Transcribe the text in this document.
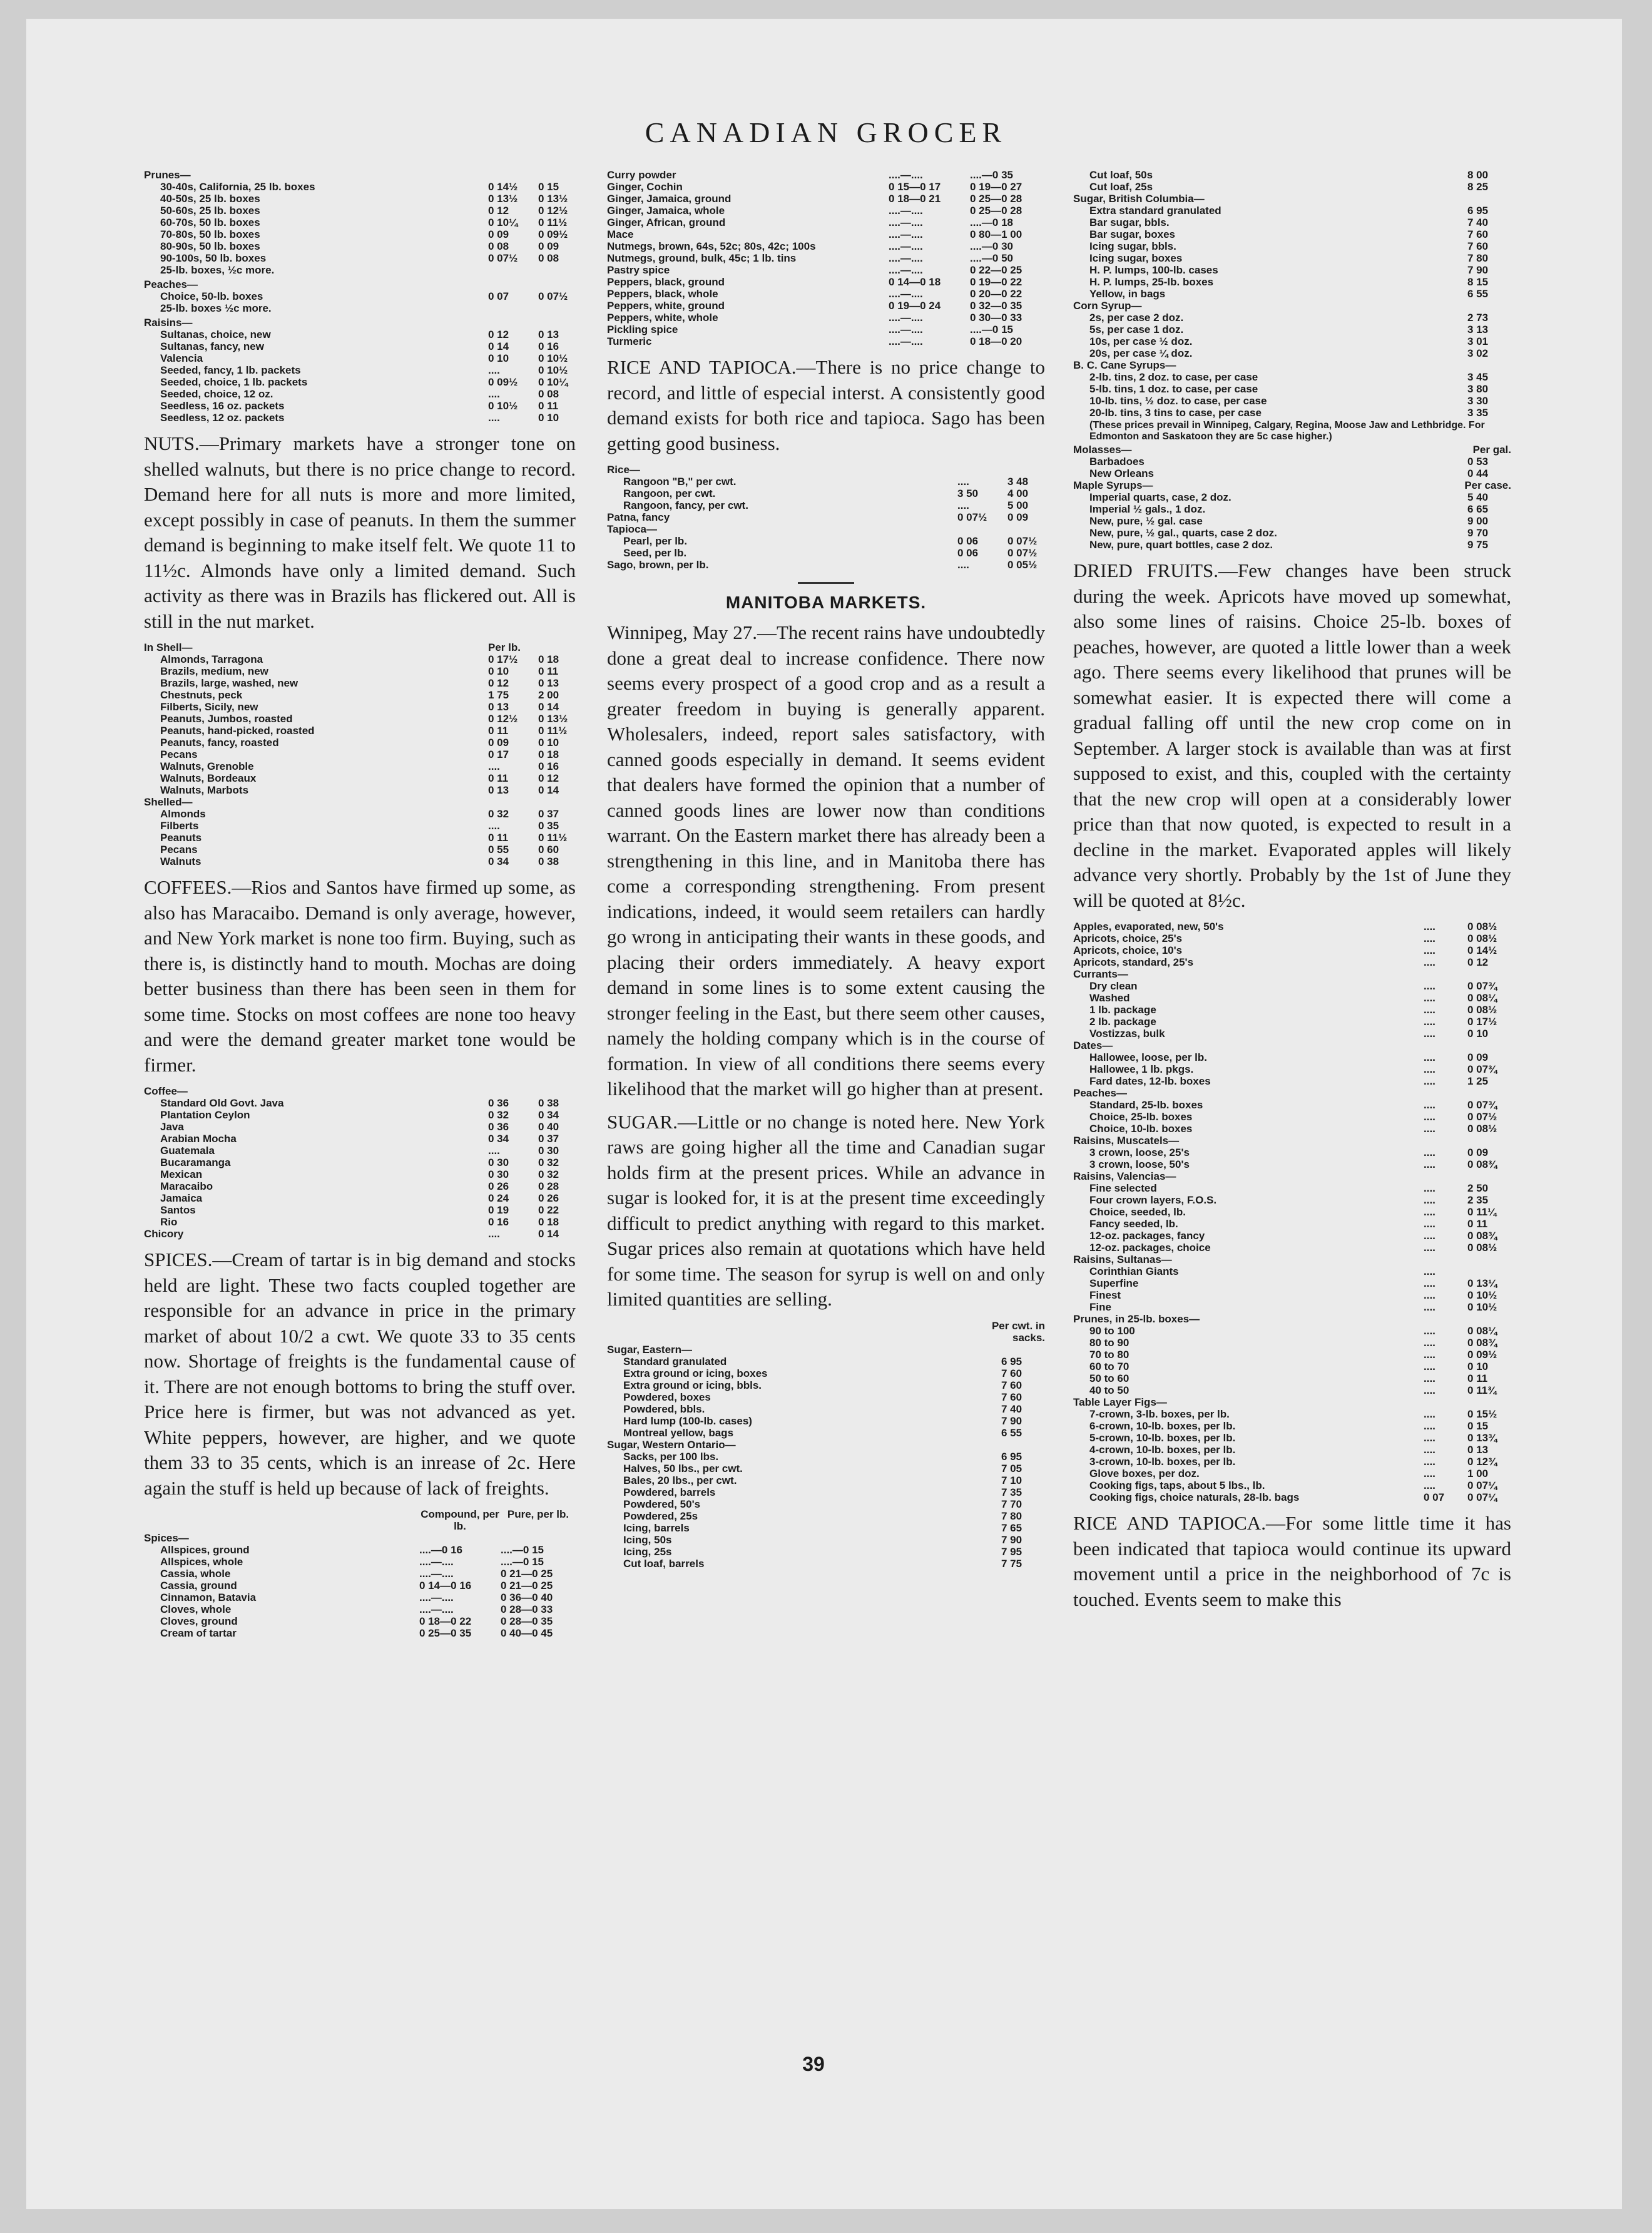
CANADIAN GROCER
Prunes—
30-40s, California, 25 lb. boxes	0 14½	0 15
40-50s, 25 lb. boxes	0 13½	0 13½
50-60s, 25 lb. boxes	0 12	0 12½
60-70s, 50 lb. boxes	0 10¼	0 11½
70-80s, 50 lb. boxes	0 09	0 09½
80-90s, 50 lb. boxes	0 08	0 09
90-100s, 50 lb. boxes	0 07½	0 08
25-lb. boxes, ½c more.
Peaches—
Choice, 50-lb. boxes	0 07	0 07½
25-lb. boxes ½c more.
Raisins—
Sultanas, choice, new	0 12	0 13
Sultanas, fancy, new	0 14	0 16
Valencia	0 10	0 10½
Seeded, fancy, 1 lb. packets	....	0 10½
Seeded, choice, 1 lb. packets	0 09½	0 10¼
Seeded, choice, 12 oz.	....	0 08
Seedless, 16 oz. packets	0 10½	0 11
Seedless, 12 oz. packets	....	0 10

NUTS.—Primary markets have a stronger tone on shelled walnuts, but there is no price change to record. Demand here for all nuts is more and more limited, except possibly in case of peanuts. In them the summer demand is beginning to make itself felt. We quote 11 to 11½c. Almonds have only a limited demand. Such activity as there was in Brazils has flickered out. All is still in the nut market.

In Shell—	Per lb.
Almonds, Tarragona	0 17½	0 18
Brazils, medium, new	0 10	0 11
Brazils, large, washed, new	0 12	0 13
Chestnuts, peck	1 75	2 00
Filberts, Sicily, new	0 13	0 14
Peanuts, Jumbos, roasted	0 12½	0 13½
Peanuts, hand-picked, roasted	0 11	0 11½
Peanuts, fancy, roasted	0 09	0 10
Pecans	0 17	0 18
Walnuts, Grenoble	....	0 16
Walnuts, Bordeaux	0 11	0 12
Walnuts, Marbots	0 13	0 14
Shelled—
Almonds	0 32	0 37
Filberts	....	0 35
Peanuts	0 11	0 11½
Pecans	0 55	0 60
Walnuts	0 34	0 38

COFFEES.—Rios and Santos have firmed up some, as also has Maracaibo. Demand is only average, however, and New York market is none too firm. Buying, such as there is, is distinctly hand to mouth. Mochas are doing better business than there has been seen in them for some time. Stocks on most coffees are none too heavy and were the demand greater market tone would be firmer.

Coffee—
Standard Old Govt. Java	0 36	0 38
Plantation Ceylon	0 32	0 34
Java	0 36	0 40
Arabian Mocha	0 34	0 37
Guatemala	....	0 30
Bucaramanga	0 30	0 32
Mexican	0 30	0 32
Maracaibo	0 26	0 28
Jamaica	0 24	0 26
Santos	0 19	0 22
Rio	0 16	0 18
Chicory	....	0 14

SPICES.—Cream of tartar is in big demand and stocks held are light. These two facts coupled together are responsible for an advance in price in the primary market of about 10/2 a cwt. We quote 33 to 35 cents now. Shortage of freights is the fundamental cause of it. There are not enough bottoms to bring the stuff over. Price here is firmer, but was not advanced as yet. White peppers, however, are higher, and we quote them 33 to 35 cents, which is an inrease of 2c. Here again the stuff is held up because of lack of freights.

Compound, per lb.
Pure, per lb.
Spices—
Allspices, ground	....—0 16	....—0 15
Allspices, whole	....—....	....—0 15
Cassia, whole	....—....	0 21—0 25
Cassia, ground	0 14—0 16	0 21—0 25
Cinnamon, Batavia	....—....	0 36—0 40
Cloves, whole	....—....	0 28—0 33
Cloves, ground	0 18—0 22	0 28—0 35
Cream of tartar	0 25—0 35	0 40—0 45
Curry powder	....—....	....—0 35
Ginger, Cochin	0 15—0 17	0 19—0 27
Ginger, Jamaica, ground	0 18—0 21	0 25—0 28
Ginger, Jamaica, whole	....—....	0 25—0 28
Ginger, African, ground	....—....	....—0 18
Mace	....—....	0 80—1 00
Nutmegs, brown, 64s, 52c; 80s, 42c; 100s	....—....	....—0 30
Nutmegs, ground, bulk, 45c; 1 lb. tins	....—....	....—0 50
Pastry spice	....—....	0 22—0 25
Peppers, black, ground	0 14—0 18	0 19—0 22
Peppers, black, whole	....—....	0 20—0 22
Peppers, white, ground	0 19—0 24	0 32—0 35
Peppers, white, whole	....—....	0 30—0 33
Pickling spice	....—....	....—0 15
Turmeric	....—....	0 18—0 20

RICE AND TAPIOCA.—There is no price change to record, and little of especial interst. A consistently good demand exists for both rice and tapioca. Sago has been getting good business.

Rice—
Rangoon "B," per cwt.	....	3 48
Rangoon, per cwt.	3 50	4 00
Rangoon, fancy, per cwt.	....	5 00
Patna, fancy	0 07½	0 09
Tapioca—
Pearl, per lb.	0 06	0 07½
Seed, per lb.	0 06	0 07½
Sago, brown, per lb.	....	0 05½
MANITOBA MARKETS.

Winnipeg, May 27.—The recent rains have undoubtedly done a great deal to increase confidence. There now seems every prospect of a good crop and as a result a greater freedom in buying is generally apparent. Wholesalers, indeed, report sales satisfactory, with canned goods especially in demand. It seems evident that dealers have formed the opinion that a number of canned goods lines are lower now than conditions warrant. On the Eastern market there has already been a strengthening in this line, and in Manitoba there has come a corresponding strengthening. From present indications, indeed, it would seem retailers can hardly go wrong in anticipating their wants in these goods, and placing their orders immediately. A heavy export demand in some lines is to some extent causing the stronger feeling in the East, but there seem other causes, namely the holding company which is in the course of formation. In view of all conditions there seems every likelihood that the market will go higher than at present.

SUGAR.—Little or no change is noted here. New York raws are going higher all the time and Canadian sugar holds firm at the present prices. While an advance in sugar is looked for, it is at the present time exceedingly difficult to predict anything with regard to this market. Sugar prices also remain at quotations which have held for some time. The season for syrup is well on and only limited quantities are selling.

Per cwt. in sacks.
Sugar, Eastern—
Standard granulated	6 95
Extra ground or icing, boxes	7 60
Extra ground or icing, bbls.	7 60
Powdered, boxes	7 60
Powdered, bbls.	7 40
Hard lump (100-lb. cases)	7 90
Montreal yellow, bags	6 55
Sugar, Western Ontario—
Sacks, per 100 lbs.	6 95
Halves, 50 lbs., per cwt.	7 05
Bales, 20 lbs., per cwt.	7 10
Powdered, barrels	7 35
Powdered, 50's	7 70
Powdered, 25s	7 80
Icing, barrels	7 65
Icing, 50s	7 90
Icing, 25s	7 95
Cut loaf, barrels	7 75
Cut loaf, 50s	8 00
Cut loaf, 25s	8 25
Sugar, British Columbia—
Extra standard granulated	6 95
Bar sugar, bbls.	7 40
Bar sugar, boxes	7 60
Icing sugar, bbls.	7 60
Icing sugar, boxes	7 80
H. P. lumps, 100-lb. cases	7 90
H. P. lumps, 25-lb. boxes	8 15
Yellow, in bags	6 55
Corn Syrup—
2s, per case 2 doz.	2 73
5s, per case 1 doz.	3 13
10s, per case ½ doz.	3 01
20s, per case ¼ doz.	3 02
B. C. Cane Syrups—
2-lb. tins, 2 doz. to case, per case	3 45
5-lb. tins, 1 doz. to case, per case	3 80
10-lb. tins, ½ doz. to case, per case	3 30
20-lb. tins, 3 tins to case, per case	3 35
(These prices prevail in Winnipeg, Calgary, Regina, Moose Jaw and Lethbridge. For Edmonton and Saskatoon they are 5c case higher.)
Molasses—	Per gal.
Barbadoes	0 53
New Orleans	0 44
Maple Syrups—	Per case.
Imperial quarts, case, 2 doz.	5 40
Imperial ½ gals., 1 doz.	6 65
New, pure, ½ gal. case	9 00
New, pure, ½ gal., quarts, case 2 doz.	9 70
New, pure, quart bottles, case 2 doz.	9 75

DRIED FRUITS.—Few changes have been struck during the week. Apricots have moved up somewhat, also some lines of raisins. Choice 25-lb. boxes of peaches, however, are quoted a little lower than a week ago. There seems every likelihood that prunes will be somewhat easier. It is expected there will come a gradual falling off until the new crop come on in September. A larger stock is available than was at first supposed to exist, and this, coupled with the certainty that the new crop will open at a considerably lower price than that now quoted, is expected to result in a decline in the market. Evaporated apples will likely advance very shortly. Probably by the 1st of June they will be quoted at 8½c.

Apples, evaporated, new, 50's	....	0 08½
Apricots, choice, 25's	....	0 08½
Apricots, choice, 10's	....	0 14½
Apricots, standard, 25's	....	0 12
Currants—
Dry clean	....	0 07¾
Washed	....	0 08¼
1 lb. package	....	0 08½
2 lb. package	....	0 17½
Vostizzas, bulk	....	0 10
Dates—
Hallowee, loose, per lb.	....	0 09
Hallowee, 1 lb. pkgs.	....	0 07¾
Fard dates, 12-lb. boxes	....	1 25
Peaches—
Standard, 25-lb. boxes	....	0 07¾
Choice, 25-lb. boxes	....	0 07½
Choice, 10-lb. boxes	....	0 08½
Raisins, Muscatels—
3 crown, loose, 25's	....	0 09
3 crown, loose, 50's	....	0 08¾
Raisins, Valencias—
Fine selected	....	2 50
Four crown layers, F.O.S.	....	2 35
Choice, seeded, lb.	....	0 11¼
Fancy seeded, lb.	....	0 11
12-oz. packages, fancy	....	0 08¾
12-oz. packages, choice	....	0 08½
Raisins, Sultanas—
Corinthian Giants	....
Superfine	....	0 13¼
Finest	....	0 10½
Fine	....	0 10½
Prunes, in 25-lb. boxes—
90 to 100	....	0 08¼
80 to 90	....	0 08¾
70 to 80	....	0 09½
60 to 70	....	0 10
50 to 60	....	0 11
40 to 50	....	0 11¾
Table Layer Figs—
7-crown, 3-lb. boxes, per lb.	....	0 15½
6-crown, 10-lb. boxes, per lb.	....	0 15
5-crown, 10-lb. boxes, per lb.	....	0 13¾
4-crown, 10-lb. boxes, per lb.	....	0 13
3-crown, 10-lb. boxes, per lb.	....	0 12¾
Glove boxes, per doz.	....	1 00
Cooking figs, taps, about 5 lbs., lb.	....	0 07¼
Cooking figs, choice naturals, 28-lb. bags	0 07	0 07¼

RICE AND TAPIOCA.—For some little time it has been indicated that tapioca would continue its upward movement until a price in the neighborhood of 7c is touched. Events seem to make this

39
